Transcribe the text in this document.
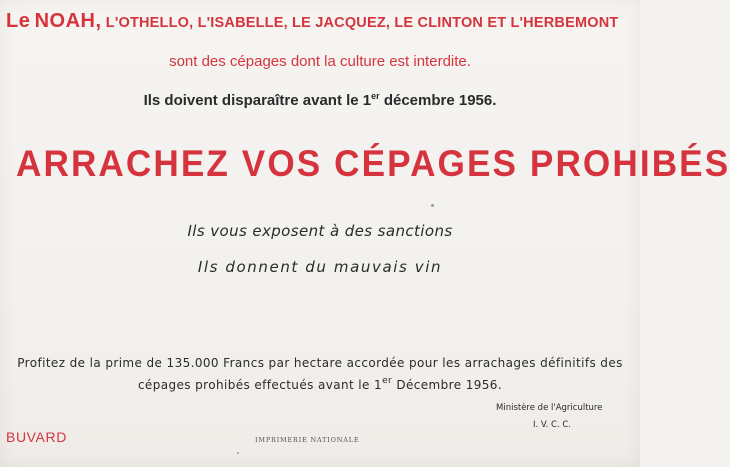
Le NOAH, L'OTHELLO, L'ISABELLE, LE JACQUEZ, LE CLINTON ET L'HERBEMONT
sont des cépages dont la culture est interdite.
Ils doivent disparaître avant le 1er décembre 1956.
ARRACHEZ VOS CÉPAGES PROHIBÉS
Ils vous exposent à des sanctions
Ils donnent du mauvais vin
Profitez de la prime de 135.000 Francs par hectare accordée pour les arrachages définitifs des
cépages prohibés effectués avant le 1er Décembre 1956.
Ministère de l'Agriculture
I. V. C. C.
BUVARD	IMPRIMERIE NATIONALE
